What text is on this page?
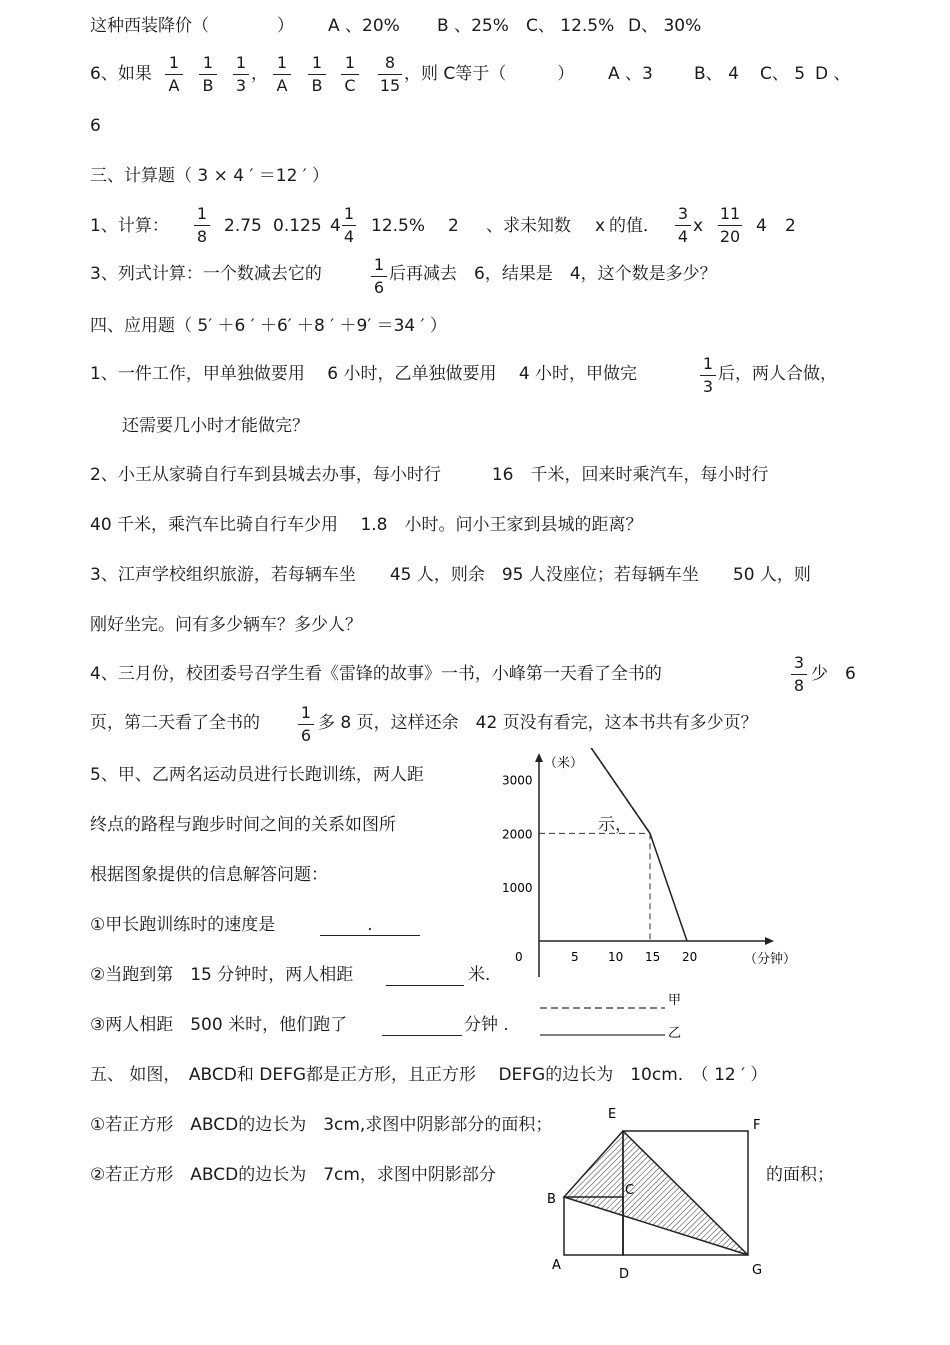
这种西装降价（　　　　） A 、20% B 、25% C、 12.5% D、 30%
6、如果
1
A
1
B
1
3
，
1
A
1
B
1
C
8
15
，则 C等于（　　　） A 、3 B、 4 C、 5 D 、
6
三、计算题（ 3 × 4 ′ ＝12 ′ ）
1、计算：
1
8
2.75 0.125 4
1
4
12.5% 2 、求未知数 x 的值．
3
4
x
11
20
4 2
3、列式计算：一个数减去它的	1
6
后再减去　6，结果是　4，这个数是多少？
四、应用题（ 5′ ＋6 ′ ＋6′ ＋8 ′ ＋9′ ＝34 ′ ）
1、一件工作，甲单独做要用　 6 小时，乙单独做要用　 4 小时，甲做完
1
3
后，两人合做，
还需要几小时才能做完？
2、小王从家骑自行车到县城去办事，每小时行　　　16　千米，回来时乘汽车，每小时行
40 千米，乘汽车比骑自行车少用　 1.8　小时。问小王家到县城的距离？
3、江声学校组织旅游，若每辆车坐　　45 人，则余　95 人没座位；若每辆车坐　　50 人，则
刚好坐完。问有多少辆车？多少人？
4、三月份，校团委号召学生看《雷锋的故事》一书，小峰第一天看了全书的
3
8
少　6
页，第二天看了全书的
1
6
多 8 页，这样还余　42 页没有看完，这本书共有多少页？
5、甲、乙两名运动员进行长跑训练，两人距
终点的路程与跑步时间之间的关系如图所	示，
根据图象提供的信息解答问题：
①甲长跑训练时的速度是	.
②当跑到第　15 分钟时，两人相距	米.
③两人相距　500 米时，他们跑了	分钟 .
（米）
（分钟）
3000
2000
1000
0	5 10 15 20
甲
乙
五、 如图，　ABCD和 DEFG都是正方形，且正方形　 DEFG的边长为　10cm.　（ 12 ′ ）
①若正方形　ABCD的边长为　3cm,求图中阴影部分的面积；
②若正方形　ABCD的边长为　7cm，求图中阴影部分	的面积；
E
F
B
C
A
D	G
